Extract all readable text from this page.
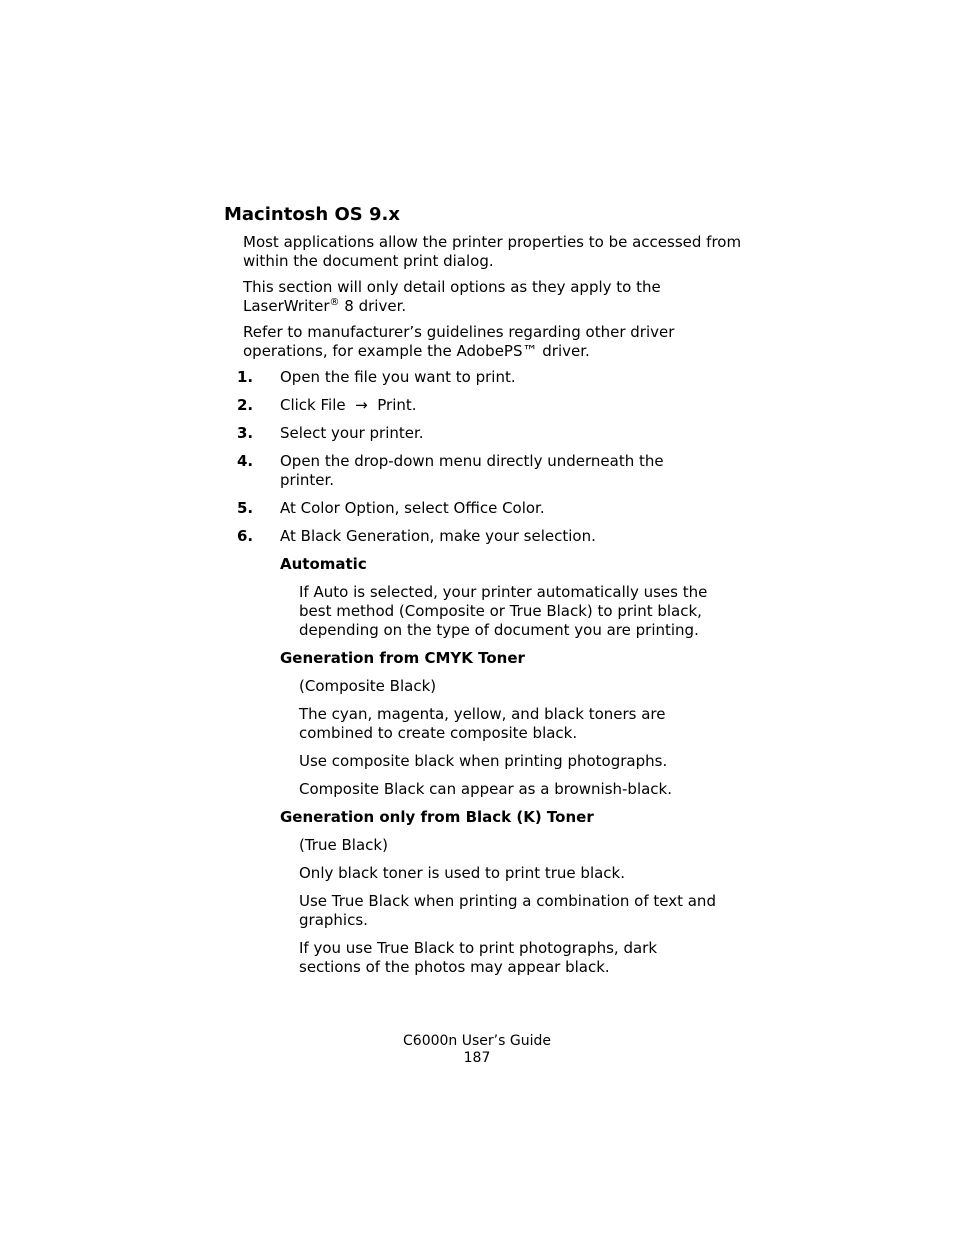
Macintosh OS 9.x

Most applications allow the printer properties to be accessed from within the document print dialog.

This section will only detail options as they apply to the LaserWriter® 8 driver.

Refer to manufacturer’s guidelines regarding other driver operations, for example the AdobePS™ driver.

1. Open the file you want to print.
2. Click File  →  Print.
3. Select your printer.
4. Open the drop-down menu directly underneath the printer.
5. At Color Option, select Office Color.
6. At Black Generation, make your selection.
Automatic
If Auto is selected, your printer automatically uses the best method (Composite or True Black) to print black, depending on the type of document you are printing.
Generation from CMYK Toner
(Composite Black)
The cyan, magenta, yellow, and black toners are combined to create composite black.
Use composite black when printing photographs.
Composite Black can appear as a brownish-black.
Generation only from Black (K) Toner
(True Black)
Only black toner is used to print true black.
Use True Black when printing a combination of text and graphics.
If you use True Black to print photographs, dark sections of the photos may appear black.
C6000n User’s Guide
187
